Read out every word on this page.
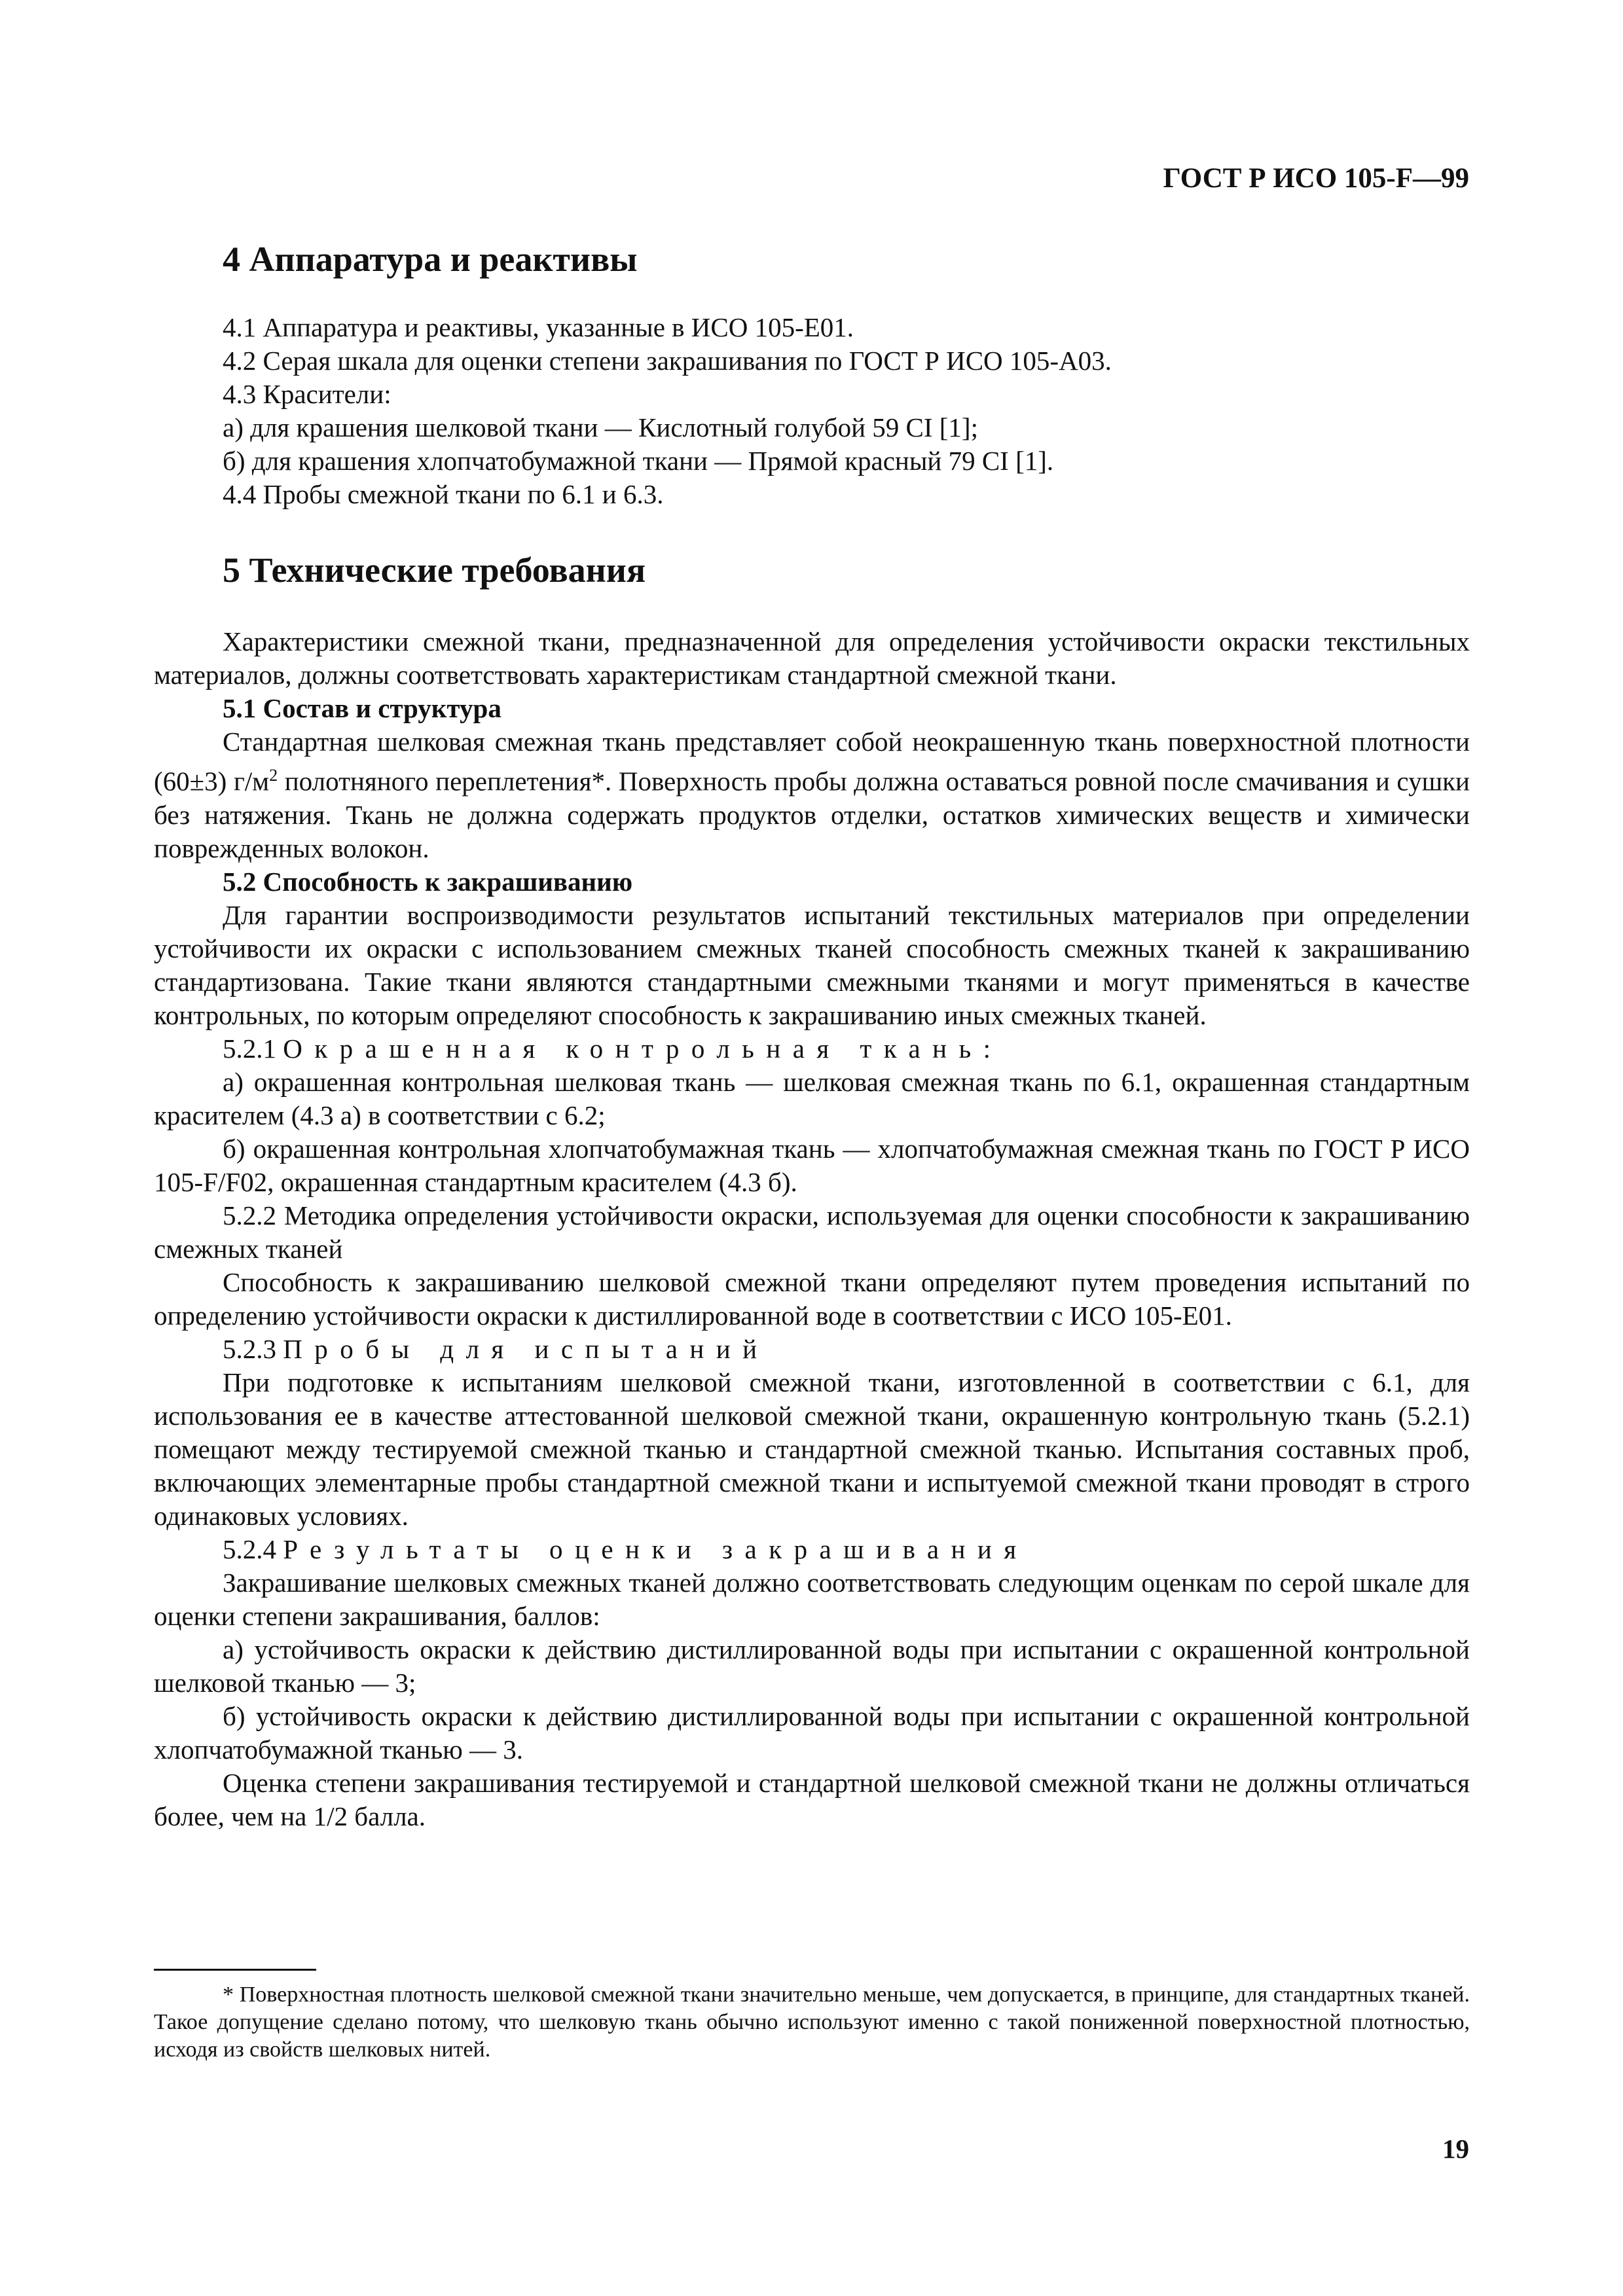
ГОСТ Р ИСО 105-F—99
4 Аппаратура и реактивы
4.1 Аппаратура и реактивы, указанные в ИСО 105-Е01.
4.2 Серая шкала для оценки степени закрашивания по ГОСТ Р ИСО 105-А03.
4.3 Красители:
а) для крашения шелковой ткани — Кислотный голубой 59 CI [1];
б) для крашения хлопчатобумажной ткани — Прямой красный 79 CI [1].
4.4 Пробы смежной ткани по 6.1 и 6.3.
5 Технические требования

Характеристики смежной ткани, предназначенной для определения устойчивости окраски текстильных материалов, должны соответствовать характеристикам стандартной смежной ткани.

5.1 Состав и структура

Стандартная шелковая смежная ткань представляет собой неокрашенную ткань поверхностной плотности (60±3) $г/м^2$ полотняного переплетения*. Поверхность пробы должна оставаться ровной после смачивания и сушки без натяжения. Ткань не должна содержать продуктов отделки, остатков химических веществ и химически поврежденных волокон.

5.2 Способность к закрашиванию

Для гарантии воспроизводимости результатов испытаний текстильных материалов при определении устойчивости их окраски с использованием смежных тканей способность смежных тканей к закрашиванию стандартизована. Такие ткани являются стандартными смежными тканями и могут применяться в качестве контрольных, по которым определяют способность к закрашиванию иных смежных тканей.

5.2.1 Окрашенная контрольная ткань:

а) окрашенная контрольная шелковая ткань — шелковая смежная ткань по 6.1, окрашенная стандартным красителем (4.3 а) в соответствии с 6.2;

б) окрашенная контрольная хлопчатобумажная ткань — хлопчатобумажная смежная ткань по ГОСТ Р ИСО 105-F/F02, окрашенная стандартным красителем (4.3 б).

5.2.2 Методика определения устойчивости окраски, используемая для оценки способности к закрашиванию смежных тканей

Способность к закрашиванию шелковой смежной ткани определяют путем проведения испытаний по определению устойчивости окраски к дистиллированной воде в соответствии с ИСО 105-Е01.

5.2.3 Пробы для испытаний

При подготовке к испытаниям шелковой смежной ткани, изготовленной в соответствии с 6.1, для использования ее в качестве аттестованной шелковой смежной ткани, окрашенную контрольную ткань (5.2.1) помещают между тестируемой смежной тканью и стандартной смежной тканью. Испытания составных проб, включающих элементарные пробы стандартной смежной ткани и испытуемой смежной ткани проводят в строго одинаковых условиях.

5.2.4 Результаты оценки закрашивания

Закрашивание шелковых смежных тканей должно соответствовать следующим оценкам по серой шкале для оценки степени закрашивания, баллов:

а) устойчивость окраски к действию дистиллированной воды при испытании с окрашенной контрольной шелковой тканью — 3;

б) устойчивость окраски к действию дистиллированной воды при испытании с окрашенной контрольной хлопчатобумажной тканью — 3.

Оценка степени закрашивания тестируемой и стандартной шелковой смежной ткани не должны отличаться более, чем на 1/2 балла.

* Поверхностная плотность шелковой смежной ткани значительно меньше, чем допускается, в принципе, для стандартных тканей. Такое допущение сделано потому, что шелковую ткань обычно используют именно с такой пониженной поверхностной плотностью, исходя из свойств шелковых нитей.

19
